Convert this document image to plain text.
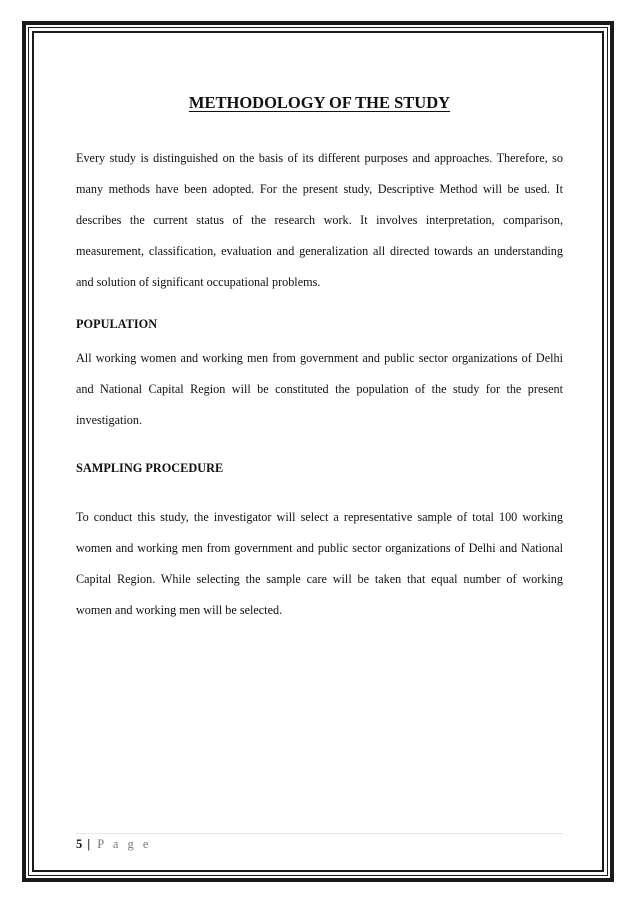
METHODOLOGY OF THE STUDY

Every study is distinguished on the basis of its different purposes and approaches. Therefore, so many methods have been adopted. For the present study, Descriptive Method will be used. It describes the current status of the research work. It involves interpretation, comparison, measurement, classification, evaluation and generalization all directed towards an understanding and solution of significant occupational problems.

POPULATION

All working women and working men from government and public sector organizations of Delhi and National Capital Region will be constituted the population of the study for the present investigation.

SAMPLING PROCEDURE

To conduct this study, the investigator will select a representative sample of total 100 working women and working men from government and public sector organizations of Delhi and National Capital Region. While selecting the sample care will be taken that equal number of working women and working men will be selected.

5 | P a g e
